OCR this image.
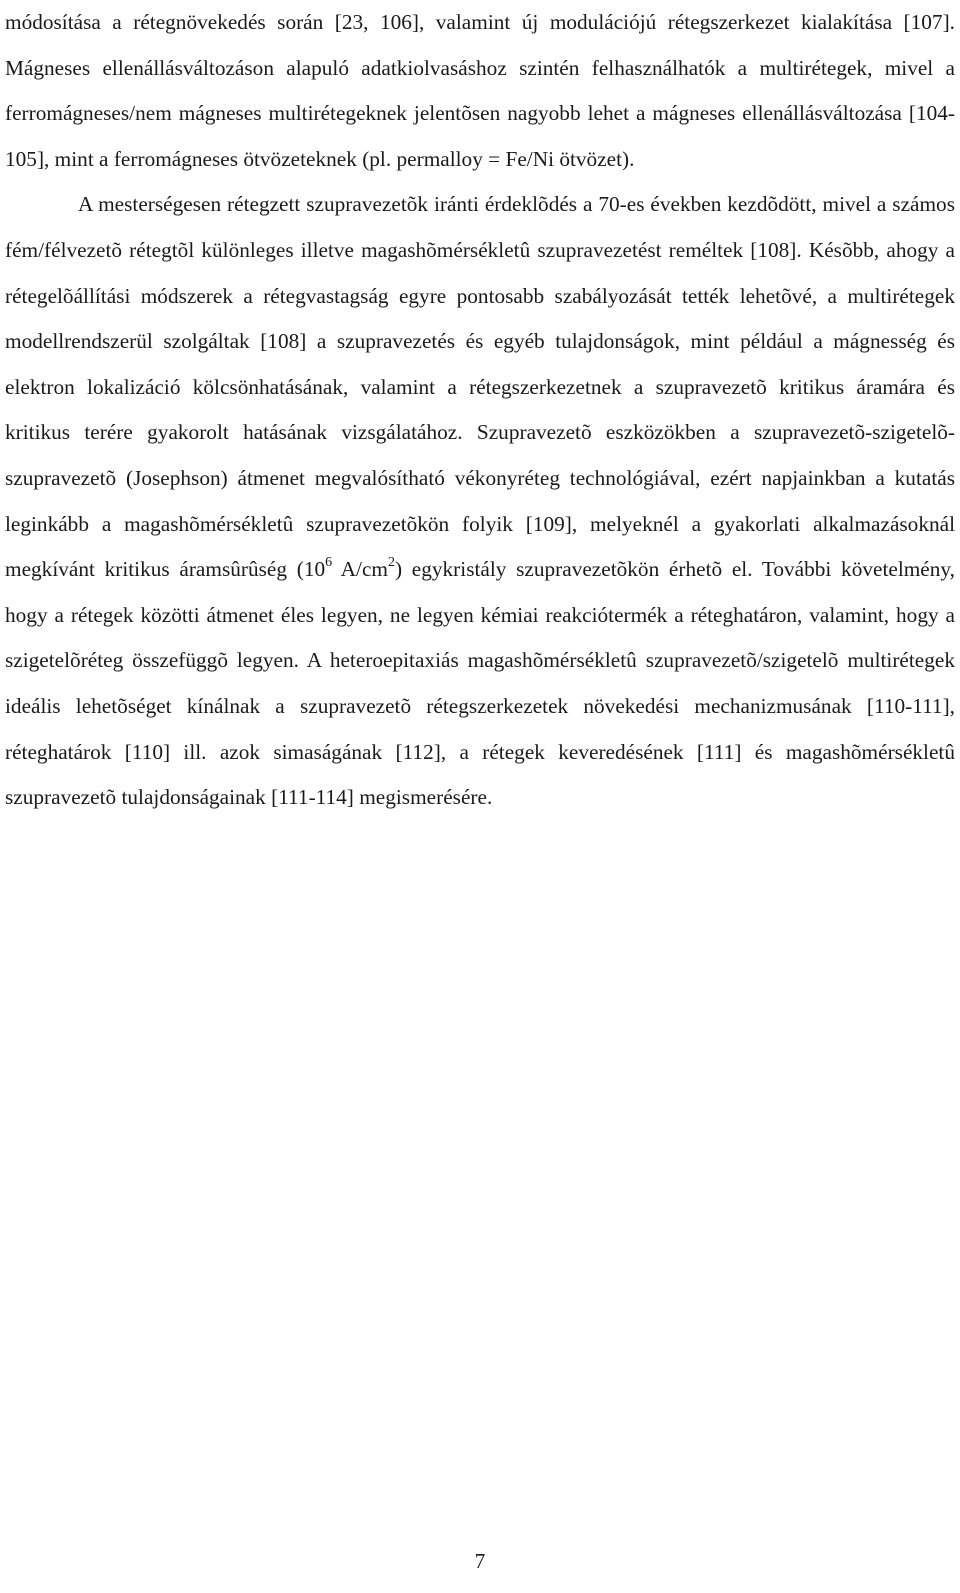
módosítása a rétegnövekedés során [23, 106], valamint új modulációjú rétegszerkezet kialakítása [107]. Mágneses ellenállásváltozáson alapuló adatkiolvasáshoz szintén felhasználhatók a multirétegek, mivel a ferromágneses/nem mágneses multirétegeknek jelentõsen nagyobb lehet a mágneses ellenállásváltozása [104-105], mint a ferromágneses ötvözeteknek (pl. permalloy = Fe/Ni ötvözet).

A mesterségesen rétegzett szupravezetõk iránti érdeklõdés a 70-es években kezdõdött, mivel a számos fém/félvezetõ rétegtõl különleges illetve magashõmérsékletû szupravezetést reméltek [108]. Késõbb, ahogy a rétegelõállítási módszerek a rétegvastagság egyre pontosabb szabályozását tették lehetõvé, a multirétegek modellrendszerül szolgáltak [108] a szupravezetés és egyéb tulajdonságok, mint például a mágnesség és elektron lokalizáció kölcsönhatásának, valamint a rétegszerkezetnek a szupravezetõ kritikus áramára és kritikus terére gyakorolt hatásának vizsgálatához. Szupravezetõ eszközökben a szupravezetõ-szigetelõ-szupravezetõ (Josephson) átmenet megvalósítható vékonyréteg technológiával, ezért napjainkban a kutatás leginkább a magashõmérsékletû szupravezetõkön folyik [109], melyeknél a gyakorlati alkalmazásoknál megkívánt kritikus áramsûrûség ($10^6$ $A/cm^2$) egykristály szupravezetõkön érhetõ el. További követelmény, hogy a rétegek közötti átmenet éles legyen, ne legyen kémiai reakciótermék a réteghatáron, valamint, hogy a szigetelõréteg összefüggõ legyen. A heteroepitaxiás magashõmérsékletû szupravezetõ/szigetelõ multirétegek ideális lehetõséget kínálnak a szupravezetõ rétegszerkezetek növekedési mechanizmusának [110-111], réteghatárok [110] ill. azok simaságának [112], a rétegek keveredésének [111] és magashõmérsékletû szupravezetõ tulajdonságainak [111-114] megismerésére.

7
